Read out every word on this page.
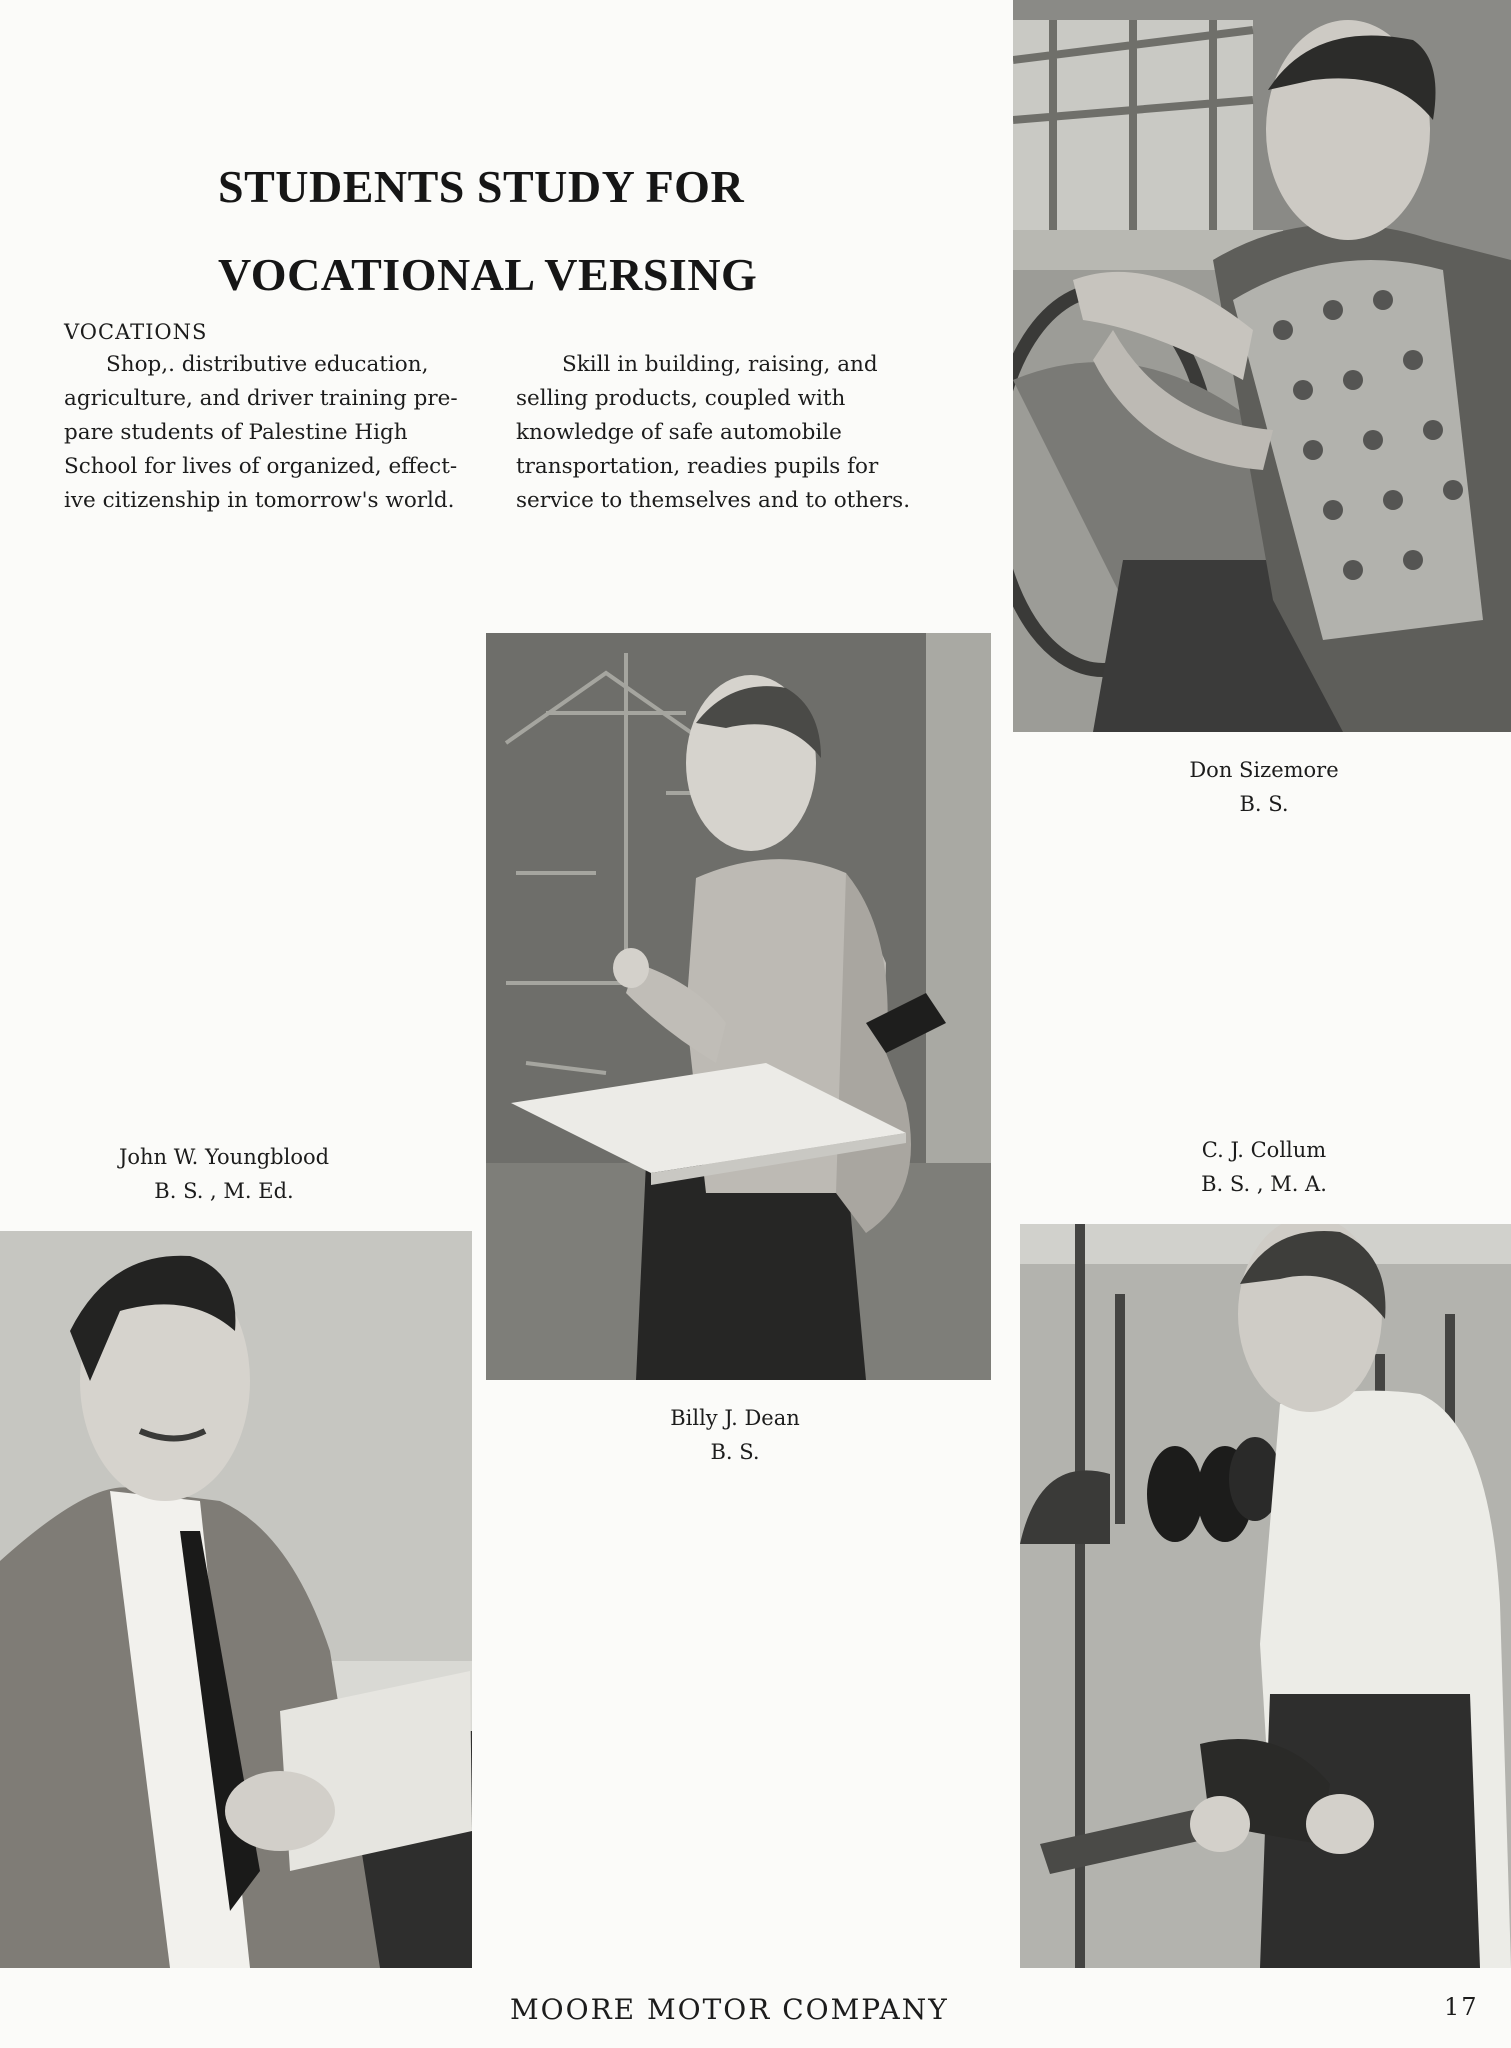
STUDENTS STUDY FOR
VOCATIONAL VERSING
VOCATIONS

Shop,. distributive education,

agriculture, and driver training pre-

pare students of Palestine High

School for lives of organized, effect-

ive citizenship in tomorrow's world.

Skill in building, raising, and

selling products, coupled with

knowledge of safe automobile

transportation, readies pupils for

service to themselves and to others.

Don Sizemore
B. S.
Billy J. Dean
B. S.
John W. Youngblood
B. S. , M. Ed.
C. J. Collum
B. S. , M. A.
MOORE MOTOR COMPANY	17
